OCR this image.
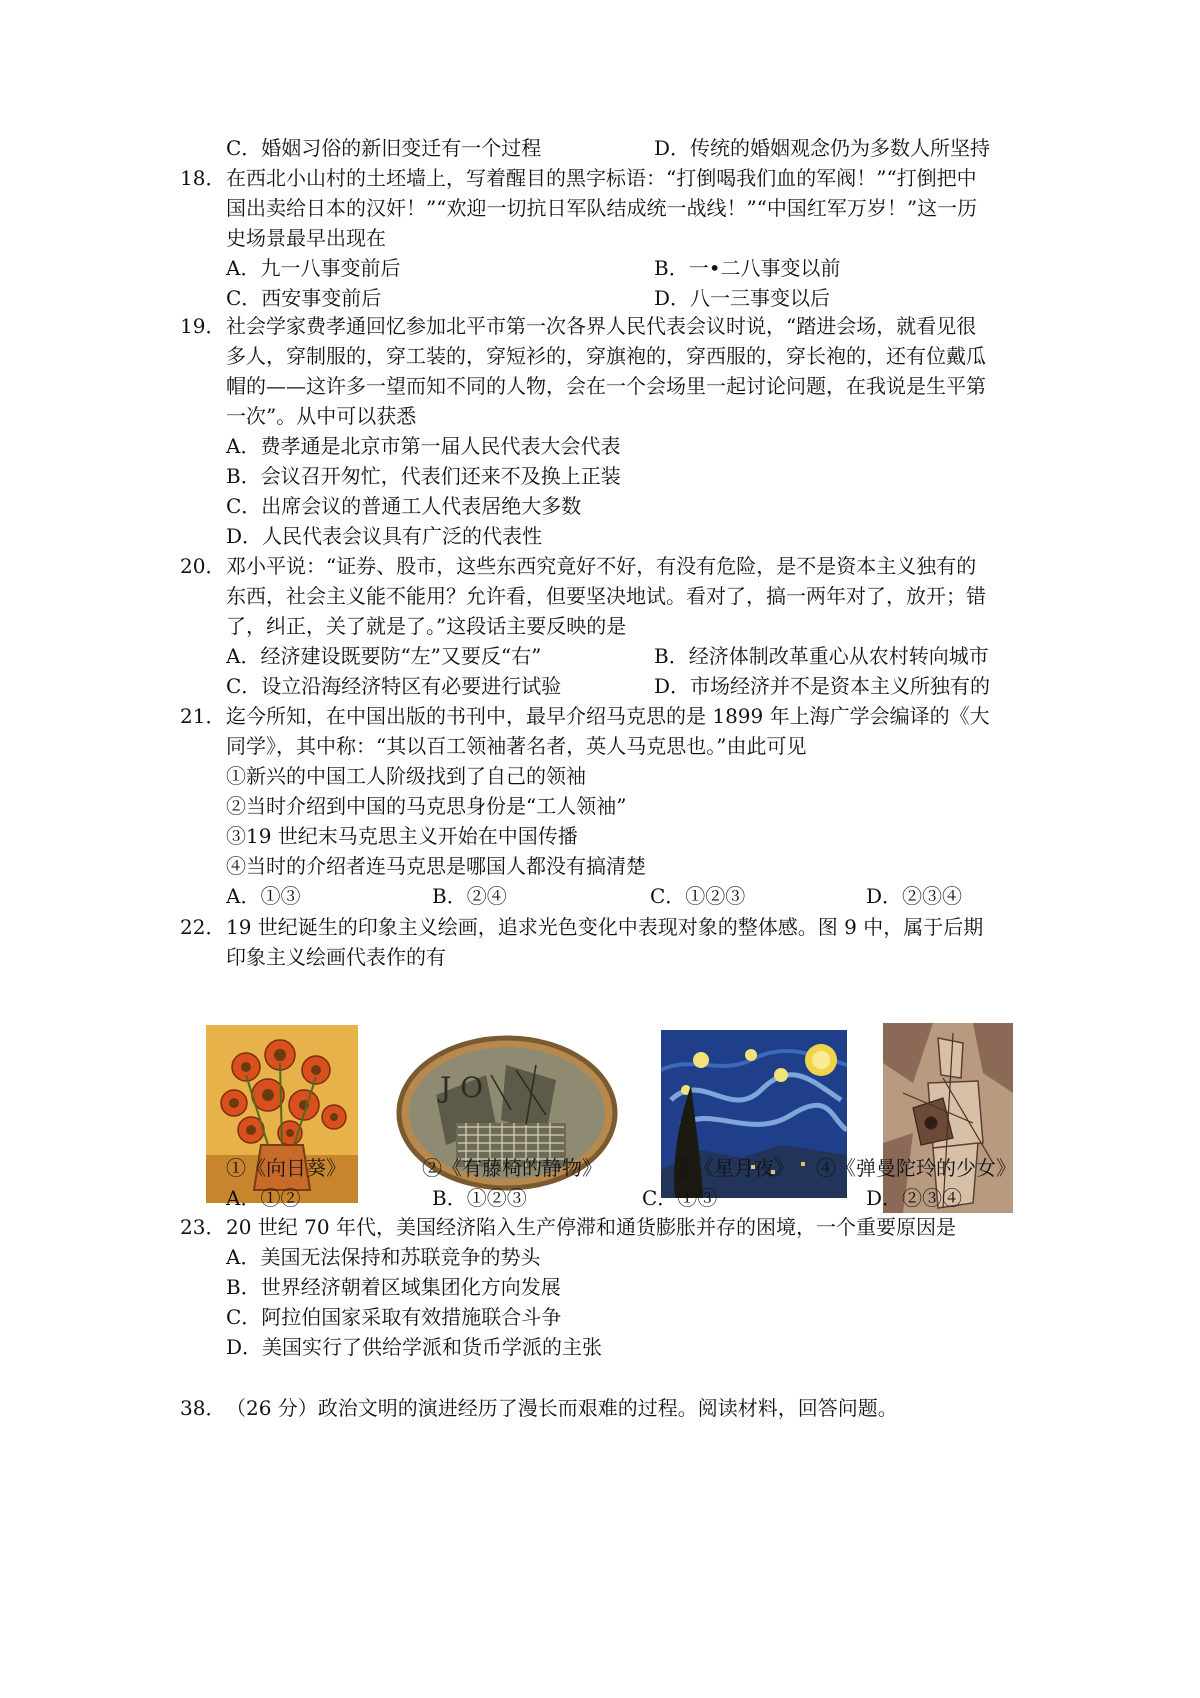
C．婚姻习俗的新旧变迁有一个过程	D．传统的婚姻观念仍为多数人所坚持
18． 在西北小山村的土坯墙上，写着醒目的黑字标语：“打倒喝我们血的军阀！”“打倒把中
国出卖给日本的汉奸！”“欢迎一切抗日军队结成统一战线！”“中国红军万岁！”这一历
史场景最早出现在
A．九一八事变前后	B．一•二八事变以前
C．西安事变前后	D．八一三事变以后
19． 社会学家费孝通回忆参加北平市第一次各界人民代表会议时说，“踏进会场，就看见很
多人，穿制服的，穿工装的，穿短衫的，穿旗袍的，穿西服的，穿长袍的，还有位戴瓜
帽的——这许多一望而知不同的人物，会在一个会场里一起讨论问题，在我说是生平第
一次”。从中可以获悉
A．费孝通是北京市第一届人民代表大会代表
B．会议召开匆忙，代表们还来不及换上正装
C．出席会议的普通工人代表居绝大多数
D．人民代表会议具有广泛的代表性
20． 邓小平说：“证券、股市，这些东西究竟好不好，有没有危险，是不是资本主义独有的
东西，社会主义能不能用？允许看，但要坚决地试。看对了，搞一两年对了，放开；错
了，纠正，关了就是了。”这段话主要反映的是
A．经济建设既要防“左”又要反“右”	B．经济体制改革重心从农村转向城市
C．设立沿海经济特区有必要进行试验	D．市场经济并不是资本主义所独有的
21． 迄今所知，在中国出版的书刊中，最早介绍马克思的是 1899 年上海广学会编译的《大
同学》，其中称：“其以百工领袖著名者，英人马克思也。”由此可见
①新兴的中国工人阶级找到了自己的领袖
②当时介绍到中国的马克思身份是“工人领袖”
③19 世纪末马克思主义开始在中国传播
④当时的介绍者连马克思是哪国人都没有搞清楚
A．①③	B．②④	C．①②③	D．②③④
22． 19 世纪诞生的印象主义绘画，追求光色变化中表现对象的整体感。图 9 中，属于后期
印象主义绘画代表作的有
J O
①《向日葵》	②《有藤椅的静物》	③《星月夜》 ④《弹曼陀玲的少女》
A．①②	B．①②③	C．①③	D．②③④
23． 20 世纪 70 年代，美国经济陷入生产停滞和通货膨胀并存的困境，一个重要原因是
A．美国无法保持和苏联竞争的势头
B．世界经济朝着区域集团化方向发展
C．阿拉伯国家采取有效措施联合斗争
D．美国实行了供给学派和货币学派的主张
38． （26 分）政治文明的演进经历了漫长而艰难的过程。阅读材料，回答问题。
